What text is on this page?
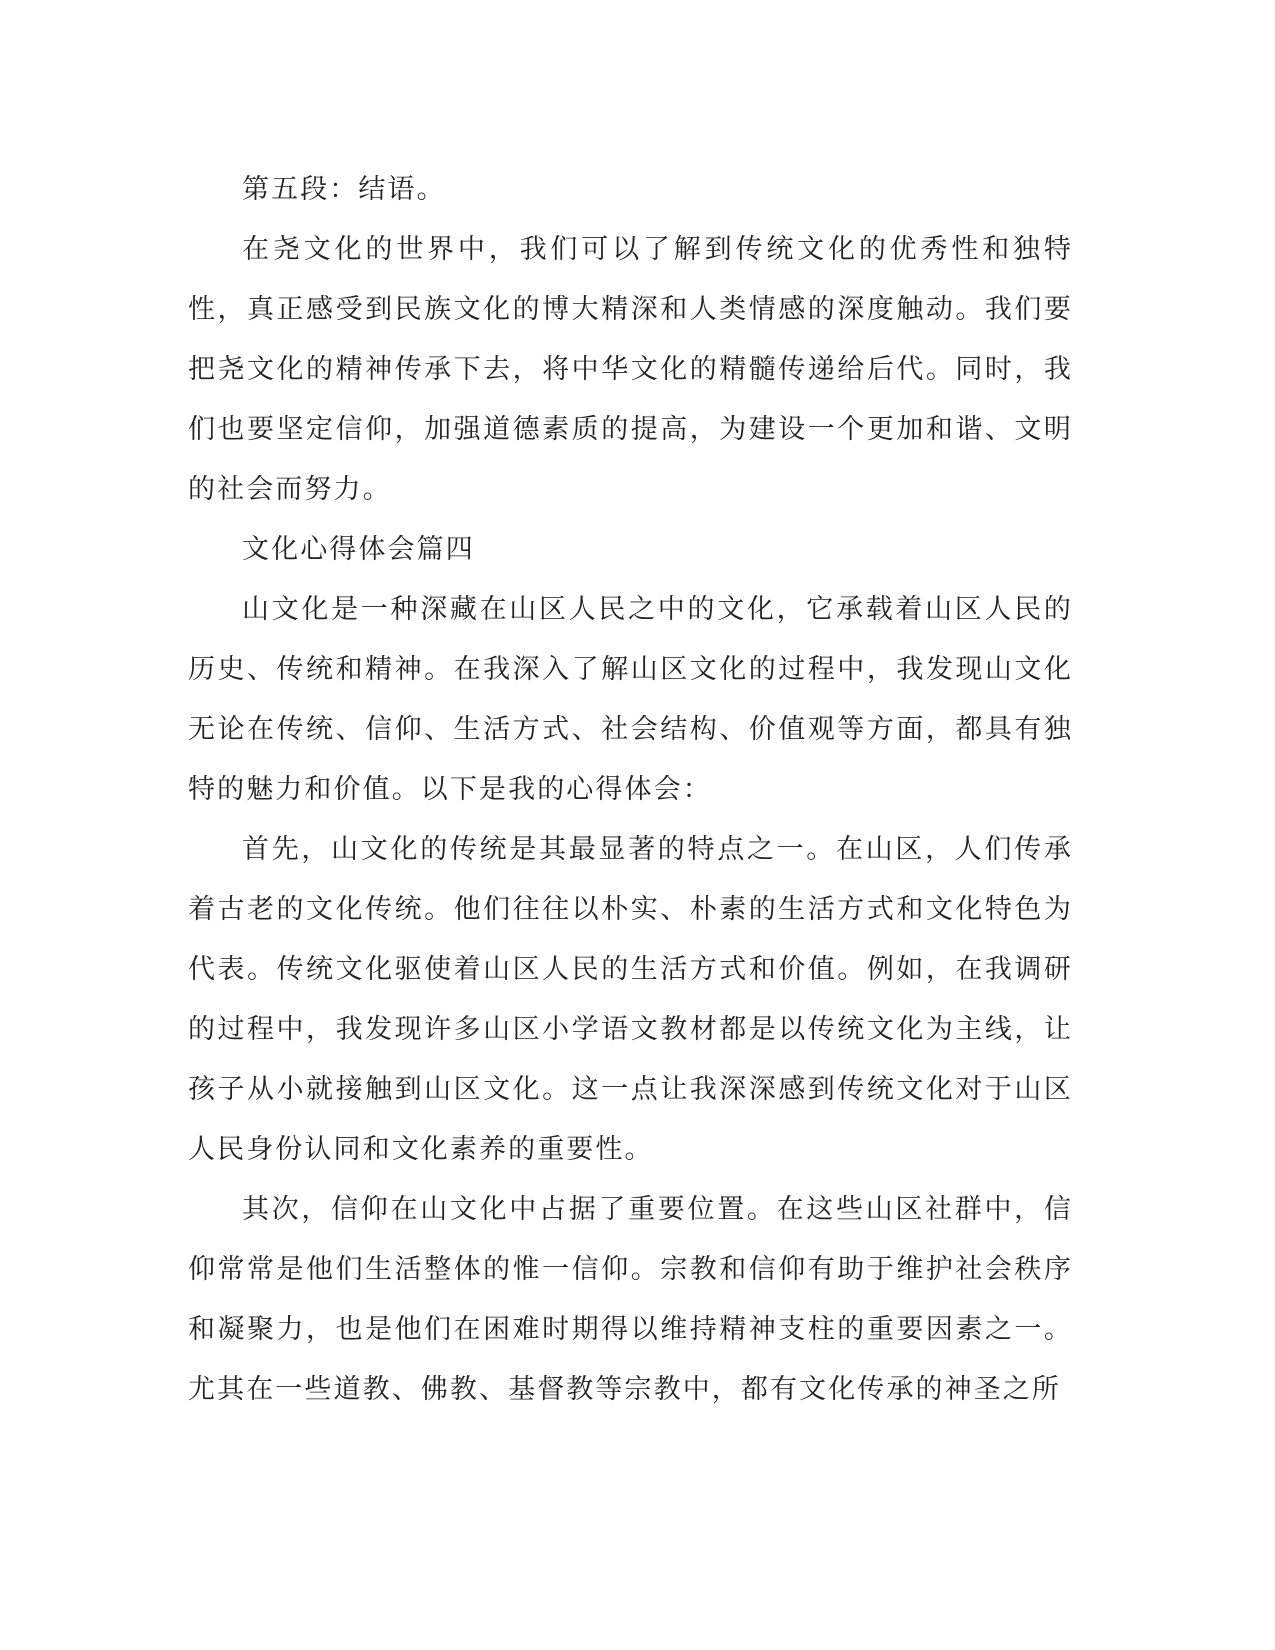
第五段：结语。

在尧文化的世界中，我们可以了解到传统文化的优秀性和独特性，真正感受到民族文化的博大精深和人类情感的深度触动。我们要把尧文化的精神传承下去，将中华文化的精髓传递给后代。同时，我们也要坚定信仰，加强道德素质的提高，为建设一个更加和谐、文明的社会而努力。

文化心得体会篇四

山文化是一种深藏在山区人民之中的文化，它承载着山区人民的历史、传统和精神。在我深入了解山区文化的过程中，我发现山文化无论在传统、信仰、生活方式、社会结构、价值观等方面，都具有独特的魅力和价值。以下是我的心得体会：

首先，山文化的传统是其最显著的特点之一。在山区，人们传承着古老的文化传统。他们往往以朴实、朴素的生活方式和文化特色为代表。传统文化驱使着山区人民的生活方式和价值。例如，在我调研的过程中，我发现许多山区小学语文教材都是以传统文化为主线，让孩子从小就接触到山区文化。这一点让我深深感到传统文化对于山区人民身份认同和文化素养的重要性。

其次，信仰在山文化中占据了重要位置。在这些山区社群中，信仰常常是他们生活整体的惟一信仰。宗教和信仰有助于维护社会秩序和凝聚力，也是他们在困难时期得以维持精神支柱的重要因素之一。尤其在一些道教、佛教、基督教等宗教中，都有文化传承的神圣之所
